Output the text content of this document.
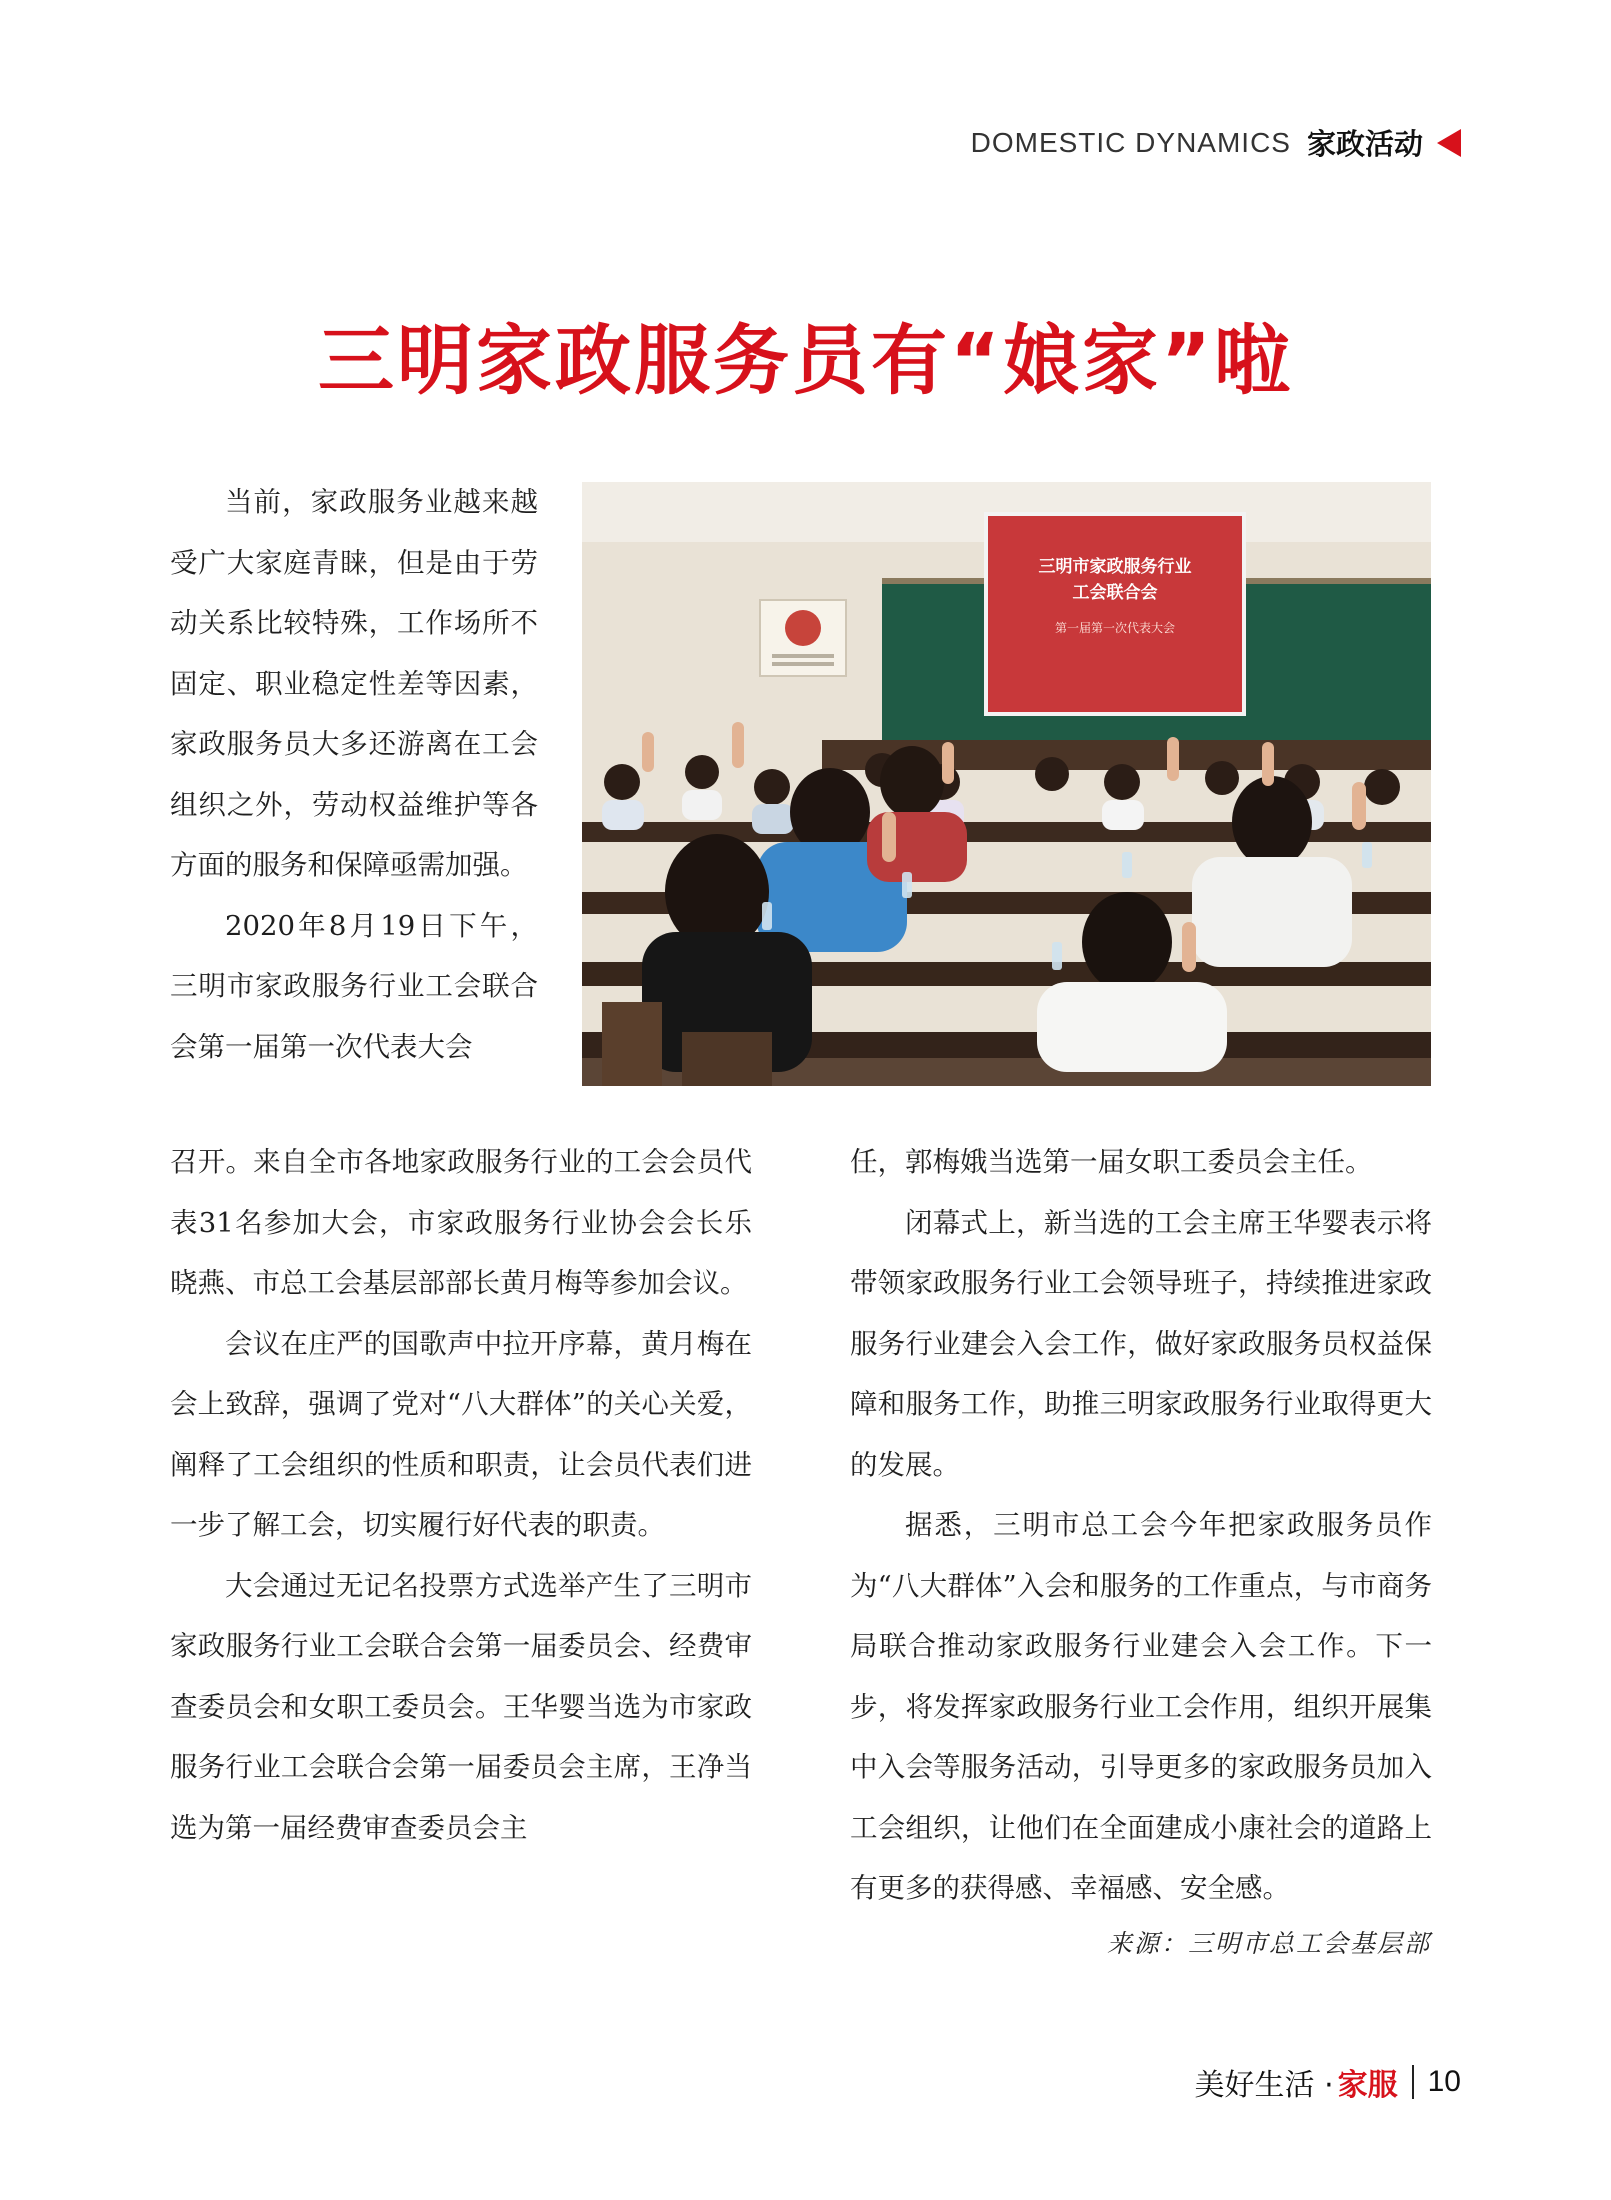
DOMESTIC DYNAMICS 家政活动
三明家政服务员有“娘家”啦
三明市家政服务行业
工会联合会
第一届第一次代表大会

当前，家政服务业越来越受广大家庭青睐，但是由于劳动关系比较特殊，工作场所不固定、职业稳定性差等因素，家政服务员大多还游离在工会组织之外，劳动权益维护等各方面的服务和保障亟需加强。

2020年8月19日下午，三明市家政服务行业工会联合会第一届第一次代表大会

召开。来自全市各地家政服务行业的工会会员代表31名参加大会，市家政服务行业协会会长乐晓燕、市总工会基层部部长黄月梅等参加会议。

会议在庄严的国歌声中拉开序幕，黄月梅在会上致辞，强调了党对“八大群体”的关心关爱，阐释了工会组织的性质和职责，让会员代表们进一步了解工会，切实履行好代表的职责。

大会通过无记名投票方式选举产生了三明市家政服务行业工会联合会第一届委员会、经费审查委员会和女职工委员会。王华婴当选为市家政服务行业工会联合会第一届委员会主席，王净当选为第一届经费审查委员会主

任，郭梅娥当选第一届女职工委员会主任。

闭幕式上，新当选的工会主席王华婴表示将带领家政服务行业工会领导班子，持续推进家政服务行业建会入会工作，做好家政服务员权益保障和服务工作，助推三明家政服务行业取得更大的发展。

据悉，三明市总工会今年把家政服务员作为“八大群体”入会和服务的工作重点，与市商务局联合推动家政服务行业建会入会工作。下一步，将发挥家政服务行业工会作用，组织开展集中入会等服务活动，引导更多的家政服务员加入工会组织，让他们在全面建成小康社会的道路上有更多的获得感、幸福感、安全感。

来源：三明市总工会基层部
美好生活 · 家服 10
